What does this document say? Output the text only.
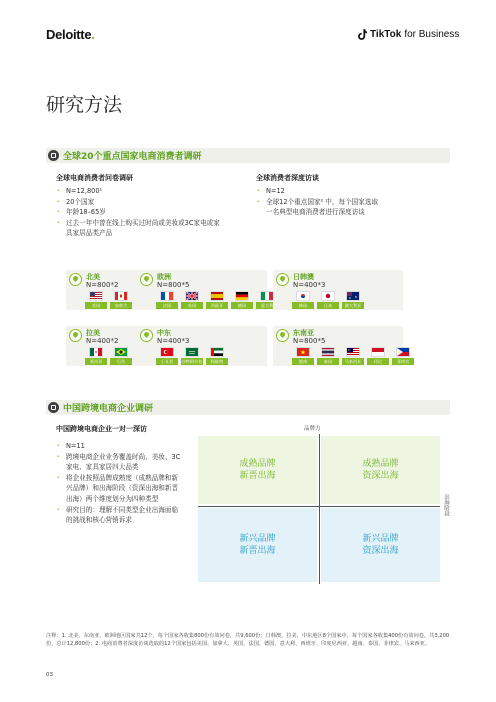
Deloitte.	TikTok for Business
研究方法
全球20个重点国家电商消费者调研
全球电商消费者问卷调研
· N=12,800¹
· 20个国家
· 年龄18–65岁
· 过去一年中曾在线上购买过时尚或美妆或3C家电或家具家居品类产品
全球消费者深度访谈
· N=12
· 全球12个重点国家² 中，每个国家选取一名典型电商消费者进行深度访谈
北美
N=800*2
美国	加拿大
欧洲
N=800*5
法国	英国	西班牙	德国	意大利
日韩澳
N=400*3
韩国	日本	澳大利亚
拉美
N=400*2
墨西哥	巴西
中东
N=400*3
土耳其	沙特阿拉伯	阿联酋
东南亚
N=800*5
越南	泰国	马来西亚	印尼	菲律宾
中国跨境电商企业调研
中国跨境电商企业一对一深访
· N=11
· 跨境电商企业业务覆盖时尚、美妆、3C家电、家具家居四大品类
· 将企业按照品牌成熟度（成熟品牌和新兴品牌）和出海阶段（资深出海和新晋出海）两个维度划分为四种类型
· 研究目的：理解不同类型企业出海面临的挑战和核心营销诉求
品牌力
出海阶段
成熟品牌
新晋出海
成熟品牌
资深出海
新兴品牌
新晋出海
新兴品牌
资深出海
注释：1. 北美、东南亚、欧洲地区国家共12个，每个国家各收集800份有效问卷，共9,600份；日韩澳、拉美、中东地区8个国家中，每个国家各收集400份有效问卷，共3,200份，总计12,800份；2. 电商消费者深度访谈选取的12个国家包括美国、加拿大、英国、法国、德国、意大利、西班牙、印度尼西亚、越南、泰国、菲律宾、马来西亚。
03
